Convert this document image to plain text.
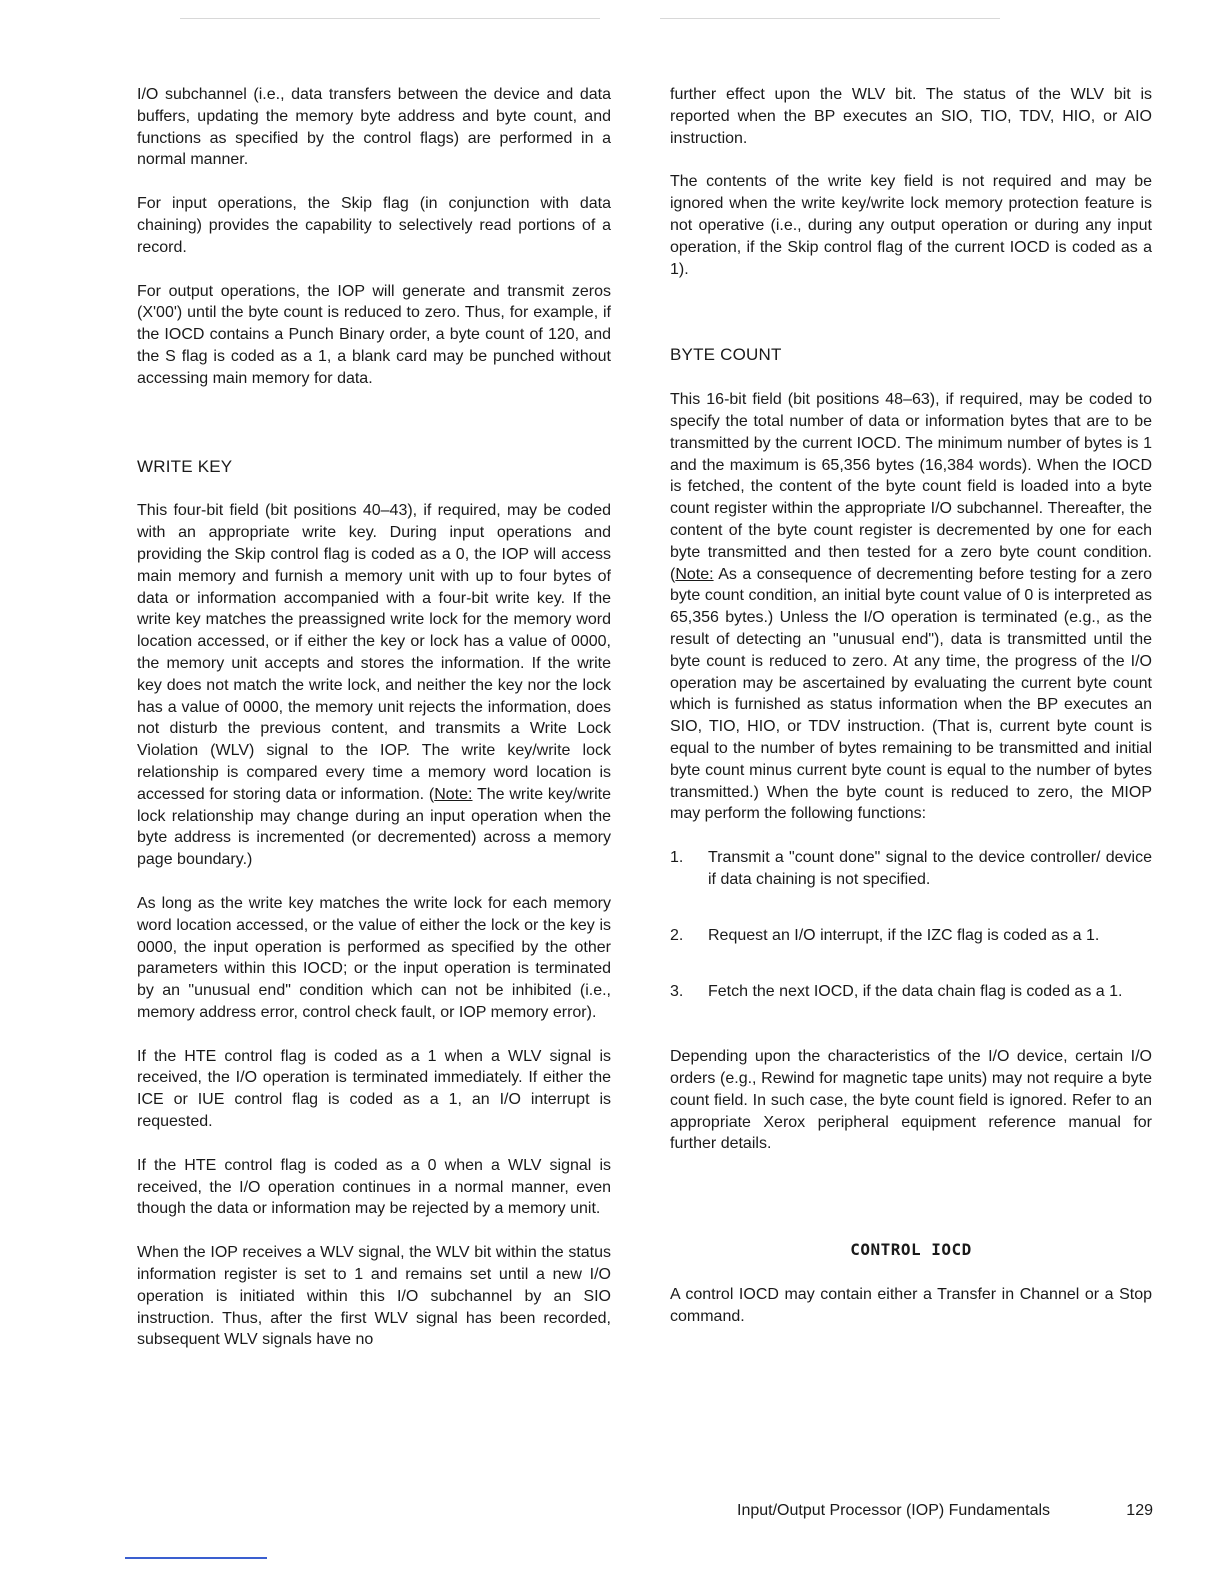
I/O subchannel (i.e., data transfers between the device and data buffers, updating the memory byte address and byte count, and functions as specified by the control flags) are performed in a normal manner.

For input operations, the Skip flag (in conjunction with data chaining) provides the capability to selectively read portions of a record.

For output operations, the IOP will generate and transmit zeros (X'00') until the byte count is reduced to zero. Thus, for example, if the IOCD contains a Punch Binary order, a byte count of 120, and the S flag is coded as a 1, a blank card may be punched without accessing main memory for data.

WRITE KEY

This four-bit field (bit positions 40–43), if required, may be coded with an appropriate write key. During input operations and providing the Skip control flag is coded as a 0, the IOP will access main memory and furnish a memory unit with up to four bytes of data or information accompanied with a four-bit write key. If the write key matches the preassigned write lock for the memory word location accessed, or if either the key or lock has a value of 0000, the memory unit accepts and stores the information. If the write key does not match the write lock, and neither the key nor the lock has a value of 0000, the memory unit rejects the information, does not disturb the previous content, and transmits a Write Lock Violation (WLV) signal to the IOP. The write key/write lock relationship is compared every time a memory word location is accessed for storing data or information. (Note: The write key/write lock relationship may change during an input operation when the byte address is incremented (or decremented) across a memory page boundary.)

As long as the write key matches the write lock for each memory word location accessed, or the value of either the lock or the key is 0000, the input operation is performed as specified by the other parameters within this IOCD; or the input operation is terminated by an "unusual end" condition which can not be inhibited (i.e., memory address error, control check fault, or IOP memory error).

If the HTE control flag is coded as a 1 when a WLV signal is received, the I/O operation is terminated immediately. If either the ICE or IUE control flag is coded as a 1, an I/O interrupt is requested.

If the HTE control flag is coded as a 0 when a WLV signal is received, the I/O operation continues in a normal manner, even though the data or information may be rejected by a memory unit.

When the IOP receives a WLV signal, the WLV bit within the status information register is set to 1 and remains set until a new I/O operation is initiated within this I/O subchannel by an SIO instruction. Thus, after the first WLV signal has been recorded, subsequent WLV signals have no

further effect upon the WLV bit. The status of the WLV bit is reported when the BP executes an SIO, TIO, TDV, HIO, or AIO instruction.

The contents of the write key field is not required and may be ignored when the write key/write lock memory protection feature is not operative (i.e., during any output operation or during any input operation, if the Skip control flag of the current IOCD is coded as a 1).

BYTE COUNT

This 16-bit field (bit positions 48–63), if required, may be coded to specify the total number of data or information bytes that are to be transmitted by the current IOCD. The minimum number of bytes is 1 and the maximum is 65,356 bytes (16,384 words). When the IOCD is fetched, the content of the byte count field is loaded into a byte count register within the appropriate I/O subchannel. Thereafter, the content of the byte count register is decremented by one for each byte transmitted and then tested for a zero byte count condition. (Note: As a consequence of decrementing before testing for a zero byte count condition, an initial byte count value of 0 is interpreted as 65,356 bytes.) Unless the I/O operation is terminated (e.g., as the result of detecting an "unusual end"), data is transmitted until the byte count is reduced to zero. At any time, the progress of the I/O operation may be ascertained by evaluating the current byte count which is furnished as status information when the BP executes an SIO, TIO, HIO, or TDV instruction. (That is, current byte count is equal to the number of bytes remaining to be transmitted and initial byte count minus current byte count is equal to the number of bytes transmitted.) When the byte count is reduced to zero, the MIOP may perform the following functions:

1. Transmit a "count done" signal to the device controller/ device if data chaining is not specified.
2. Request an I/O interrupt, if the IZC flag is coded as a 1.
3. Fetch the next IOCD, if the data chain flag is coded as a 1.

Depending upon the characteristics of the I/O device, certain I/O orders (e.g., Rewind for magnetic tape units) may not require a byte count field. In such case, the byte count field is ignored. Refer to an appropriate Xerox peripheral equipment reference manual for further details.

CONTROL IOCD

A control IOCD may contain either a Transfer in Channel or a Stop command.

Input/Output Processor (IOP) Fundamentals	129
